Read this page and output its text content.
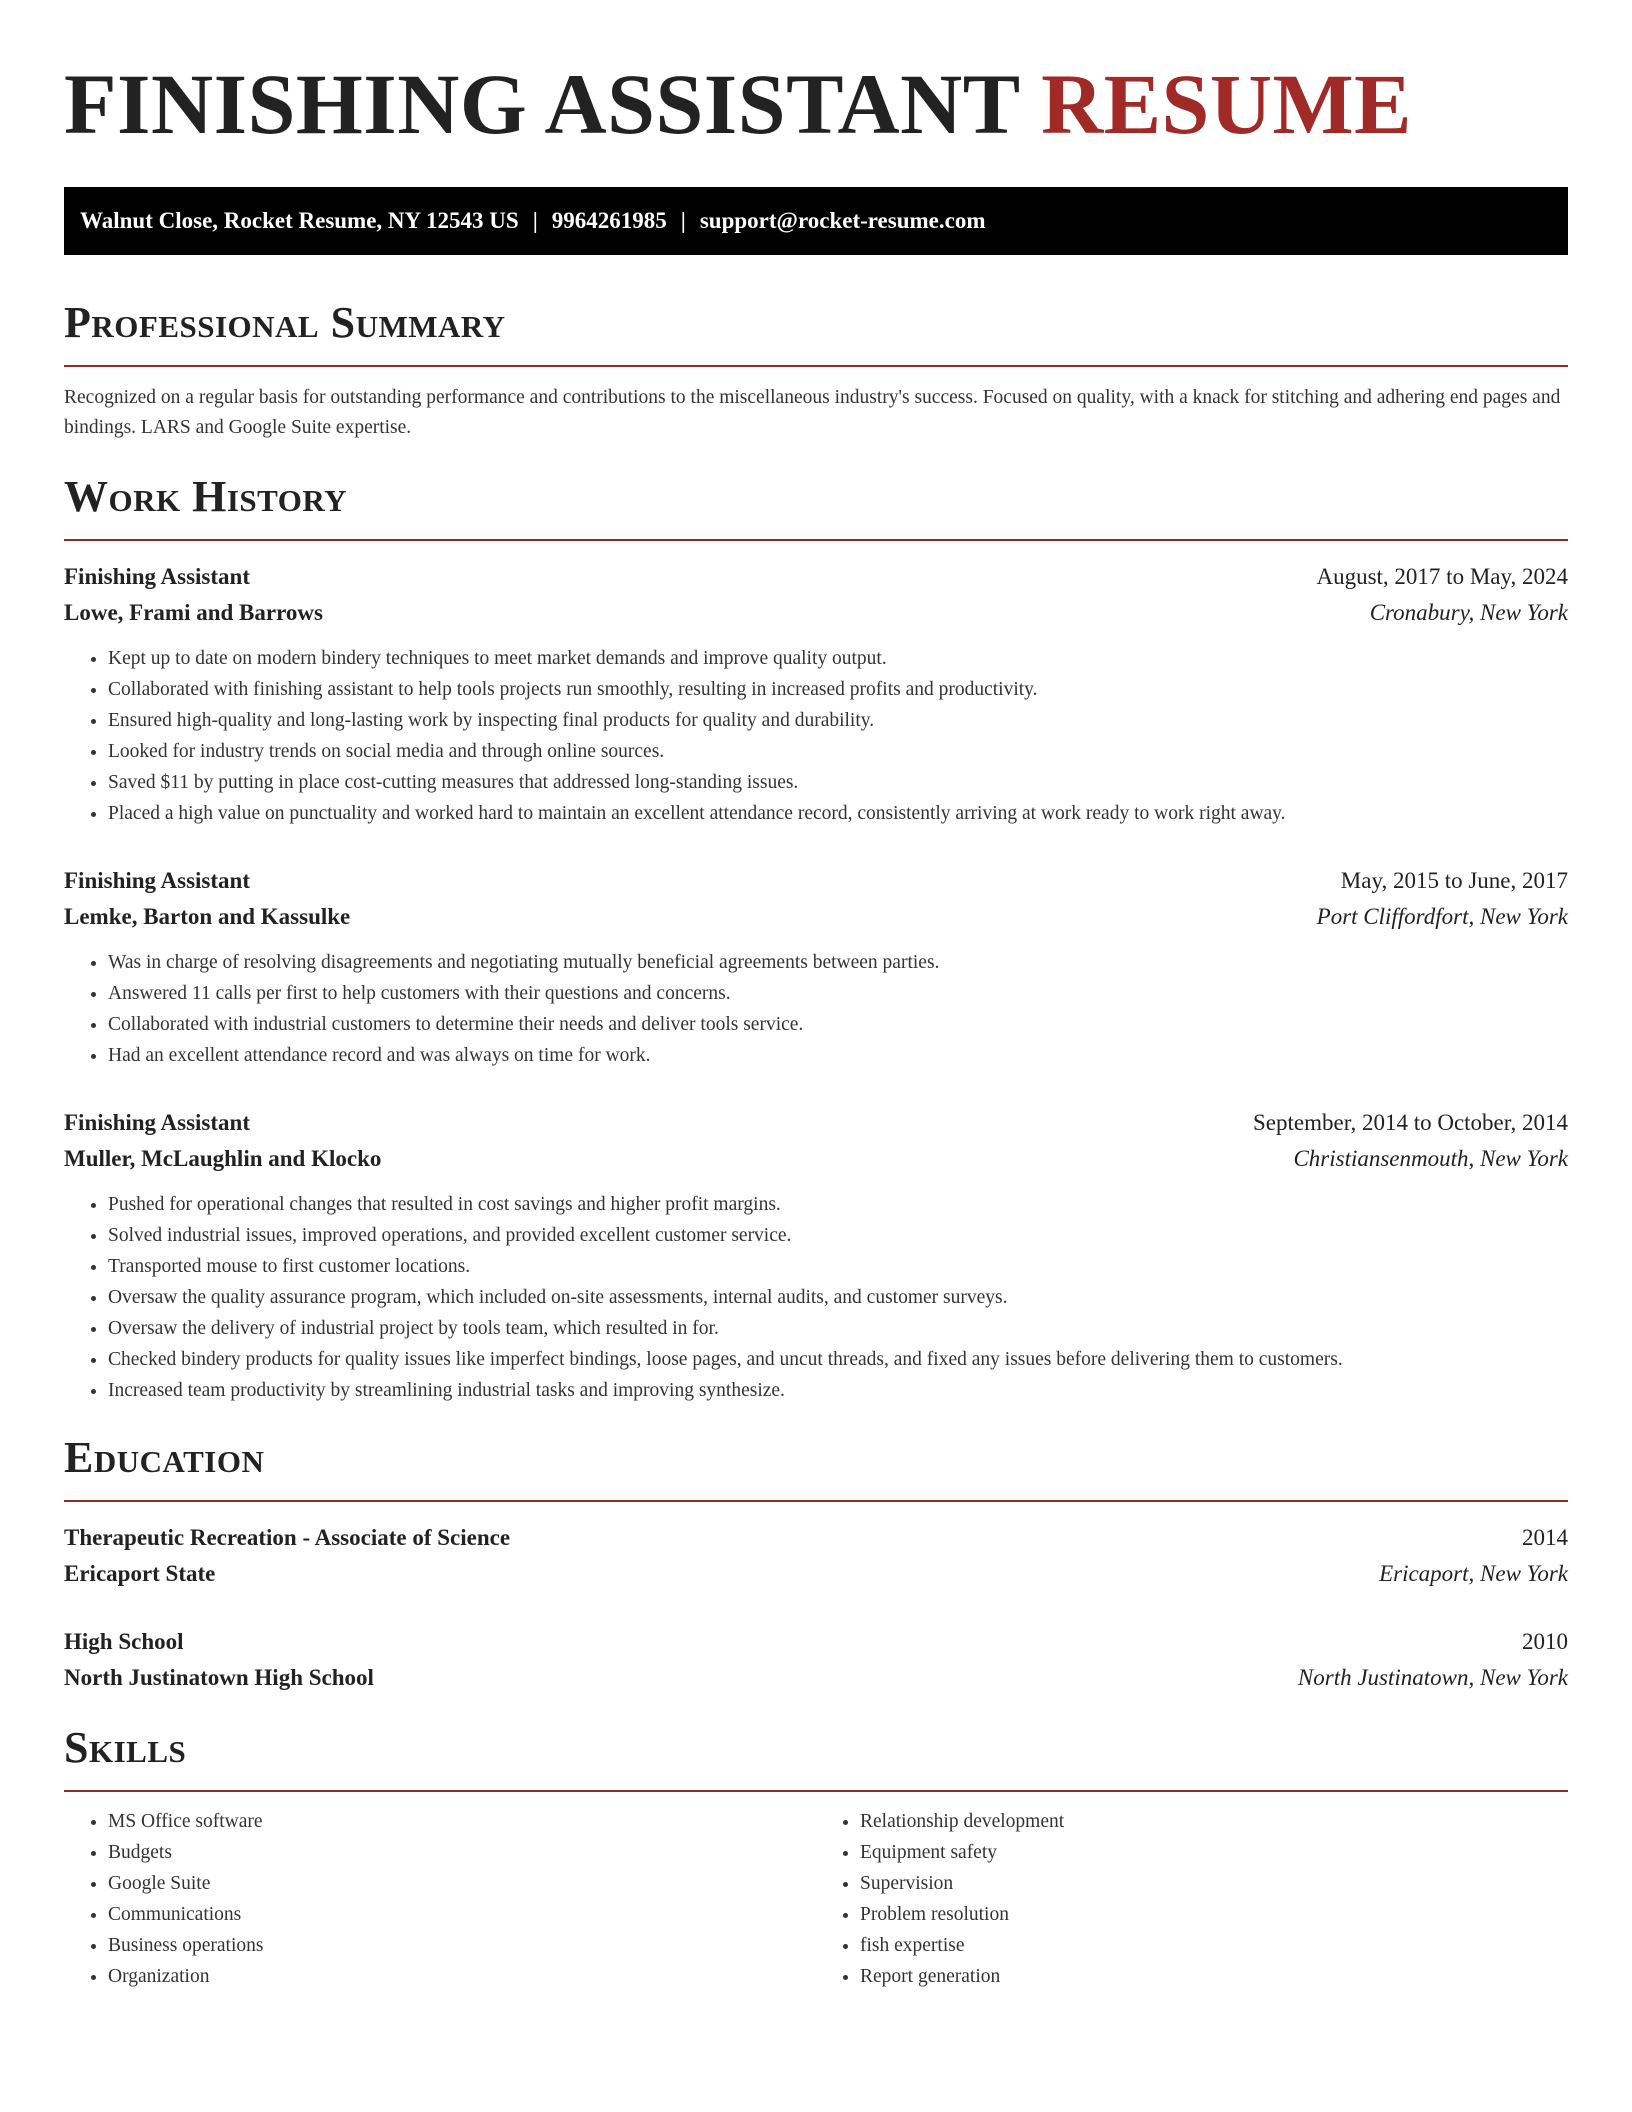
FINISHING ASSISTANT RESUME
Walnut Close, Rocket Resume, NY 12543 US | 9964261985 | support@rocket-resume.com
Professional Summary

Recognized on a regular basis for outstanding performance and contributions to the miscellaneous industry's success. Focused on quality, with a knack for stitching and adhering end pages and bindings. LARS and Google Suite expertise.

Work History
Finishing Assistant	August, 2017 to May, 2024
Lowe, Frami and Barrows	Cronabury, New York
• Kept up to date on modern bindery techniques to meet market demands and improve quality output.
• Collaborated with finishing assistant to help tools projects run smoothly, resulting in increased profits and productivity.
• Ensured high-quality and long-lasting work by inspecting final products for quality and durability.
• Looked for industry trends on social media and through online sources.
• Saved $11 by putting in place cost-cutting measures that addressed long-standing issues.
• Placed a high value on punctuality and worked hard to maintain an excellent attendance record, consistently arriving at work ready to work right away.
Finishing Assistant	May, 2015 to June, 2017
Lemke, Barton and Kassulke	Port Cliffordfort, New York
• Was in charge of resolving disagreements and negotiating mutually beneficial agreements between parties.
• Answered 11 calls per first to help customers with their questions and concerns.
• Collaborated with industrial customers to determine their needs and deliver tools service.
• Had an excellent attendance record and was always on time for work.
Finishing Assistant	September, 2014 to October, 2014
Muller, McLaughlin and Klocko	Christiansenmouth, New York
• Pushed for operational changes that resulted in cost savings and higher profit margins.
• Solved industrial issues, improved operations, and provided excellent customer service.
• Transported mouse to first customer locations.
• Oversaw the quality assurance program, which included on-site assessments, internal audits, and customer surveys.
• Oversaw the delivery of industrial project by tools team, which resulted in for.
• Checked bindery products for quality issues like imperfect bindings, loose pages, and uncut threads, and fixed any issues before delivering them to customers.
• Increased team productivity by streamlining industrial tasks and improving synthesize.
Education
Therapeutic Recreation - Associate of Science	2014
Ericaport State	Ericaport, New York
High School	2010
North Justinatown High School	North Justinatown, New York
Skills
• MS Office software
• Budgets
• Google Suite
• Communications
• Business operations
• Organization
• Relationship development
• Equipment safety
• Supervision
• Problem resolution
• fish expertise
• Report generation
